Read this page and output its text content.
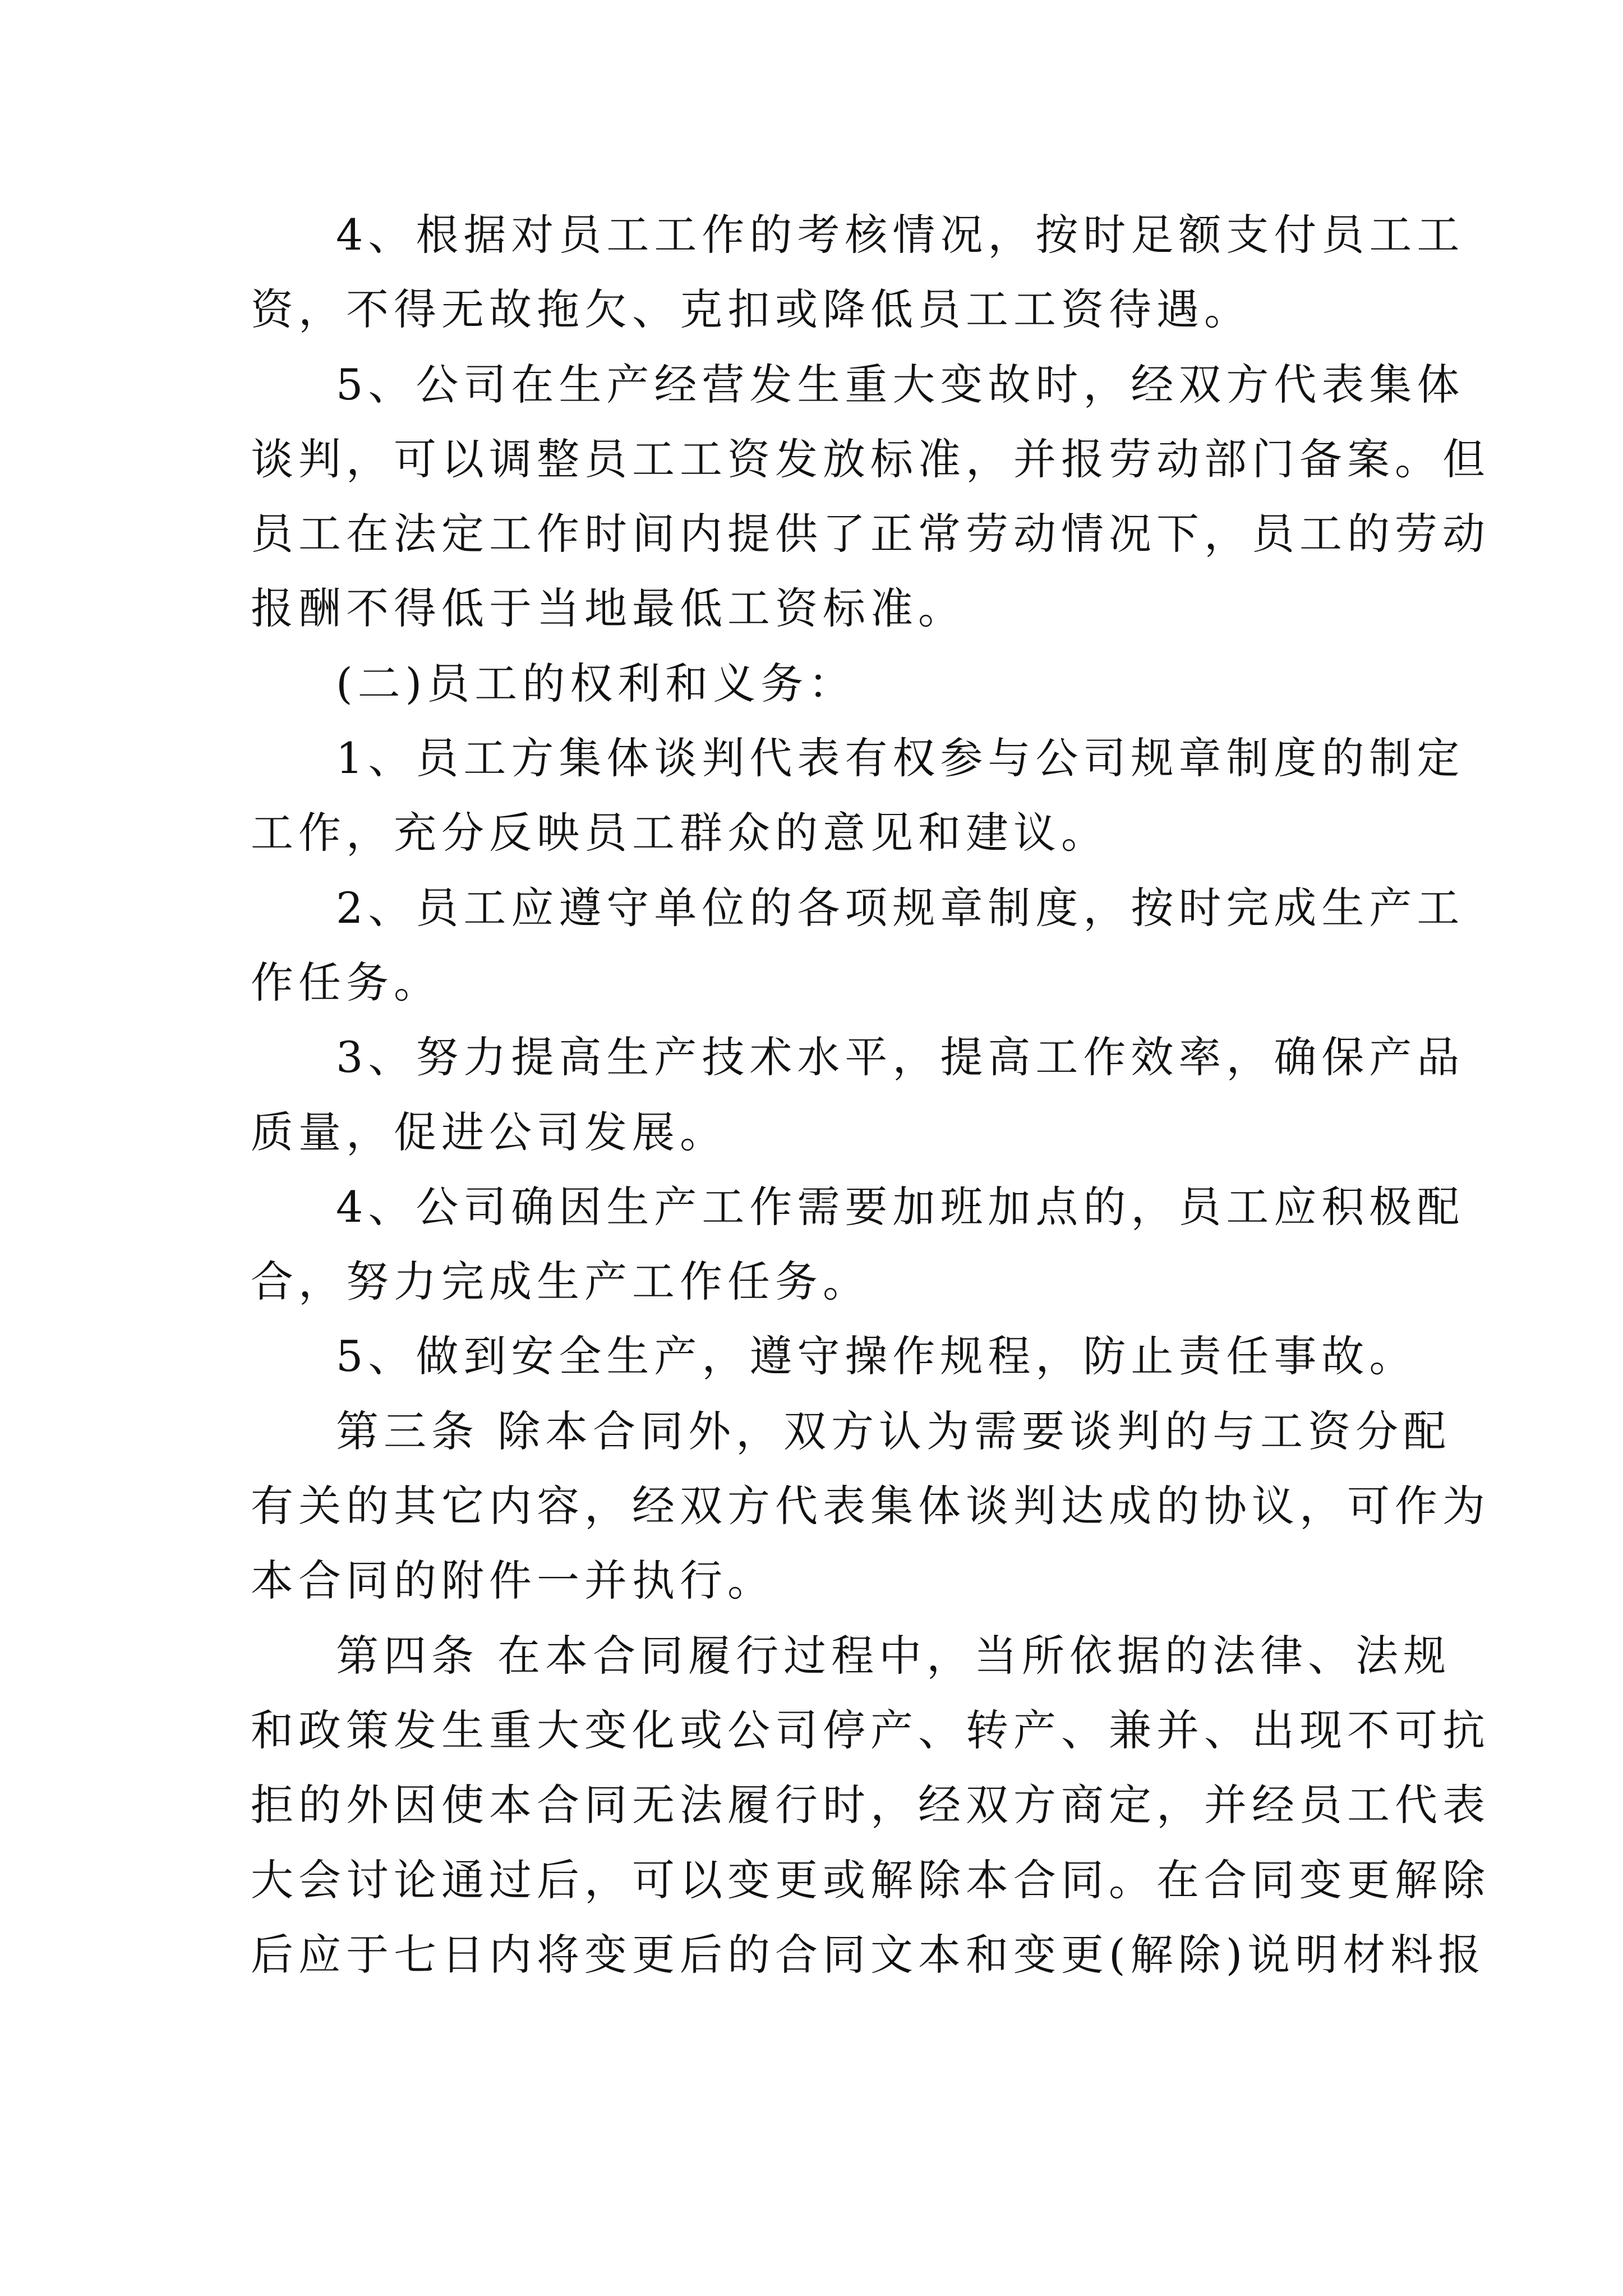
4、根据对员工工作的考核情况，按时足额支付员工工
资，不得无故拖欠、克扣或降低员工工资待遇。
5、公司在生产经营发生重大变故时，经双方代表集体
谈判，可以调整员工工资发放标准，并报劳动部门备案。但
员工在法定工作时间内提供了正常劳动情况下，员工的劳动
报酬不得低于当地最低工资标准。
(二)员工的权利和义务：
1、员工方集体谈判代表有权参与公司规章制度的制定
工作，充分反映员工群众的意见和建议。
2、员工应遵守单位的各项规章制度，按时完成生产工
作任务。
3、努力提高生产技术水平，提高工作效率，确保产品
质量，促进公司发展。
4、公司确因生产工作需要加班加点的，员工应积极配
合，努力完成生产工作任务。
5、做到安全生产，遵守操作规程，防止责任事故。
第三条 除本合同外，双方认为需要谈判的与工资分配
有关的其它内容，经双方代表集体谈判达成的协议，可作为
本合同的附件一并执行。
第四条 在本合同履行过程中，当所依据的法律、法规
和政策发生重大变化或公司停产、转产、兼并、出现不可抗
拒的外因使本合同无法履行时，经双方商定，并经员工代表
大会讨论通过后，可以变更或解除本合同。在合同变更解除
后应于七日内将变更后的合同文本和变更(解除)说明材料报
